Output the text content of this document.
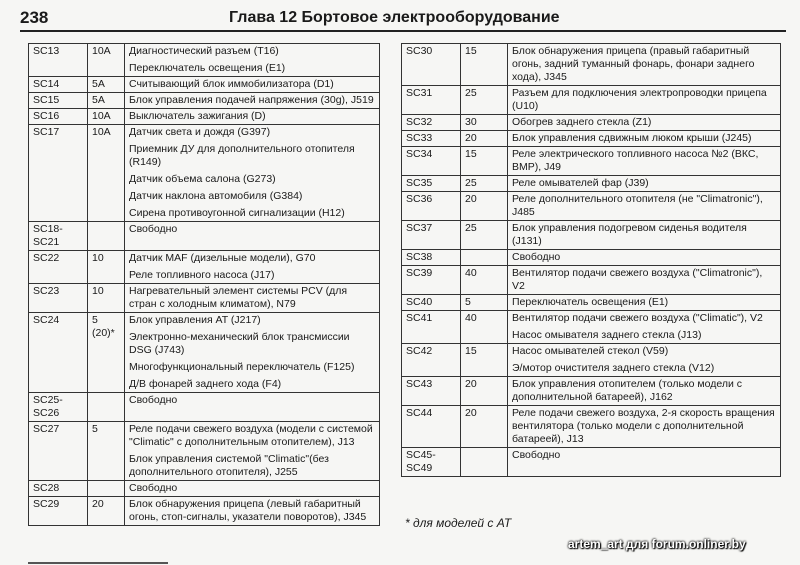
238	Глава 12 Бортовое электрооборудование
SC13	10A	Диагностический разъем (T16)
Переключатель освещения (E1)

SC14	5A	Считывающий блок иммобилизатора (D1)

SC15	5A	Блок управления подачей напряжения (30g), J519

SC16	10A	Выключатель зажигания (D)

SC17	10A	Датчик света и дождя (G397)
Приемник ДУ для дополнительного отопителя (R149)
Датчик объема салона (G273)
Датчик наклона автомобиля (G384)
Сирена противоугонной сигнализации (H12)

SC18-SC21		Свободно

SC22	10	Датчик MAF (дизельные модели), G70
Реле топливного насоса (J17)

SC23	10	Нагревательный элемент системы PCV (для стран с холодным климатом), N79

SC24	5 (20)*	Блок управления AT (J217)
Электронно-механический блок трансмиссии DSG (J743)
Многофункциональный переключатель (F125)
Д/В фонарей заднего хода (F4)

SC25-SC26		Свободно

SC27	5	Реле подачи свежего воздуха (модели с системой "Climatic" с дополнительным отопителем), J13
Блок управления системой "Climatic"(без дополнительного отопителя), J255

SC28		Свободно

SC29	20	Блок обнаружения прицепа (левый габаритный огонь, стоп-сигналы, указатели поворотов), J345
SC30	15	Блок обнаружения прицепа (правый габаритный огонь, задний туманный фонарь, фонари заднего хода), J345

SC31	25	Разъем для подключения электропроводки прицепа (U10)

SC32	30	Обогрев заднего стекла (Z1)

SC33	20	Блок управления сдвижным люком крыши (J245)

SC34	15	Реле электрического топливного насоса №2 (ВКС, ВМР), J49

SC35	25	Реле омывателей фар (J39)

SC36	20	Реле дополнительного отопителя (не "Climatronic"), J485

SC37	25	Блок управления подогревом сиденья водителя (J131)

SC38		Свободно

SC39	40	Вентилятор подачи свежего воздуха ("Climatronic"), V2

SC40	5	Переключатель освещения (E1)

SC41	40	Вентилятор подачи свежего воздуха ("Climatic"), V2
Насос омывателя заднего стекла (J13)

SC42	15	Насос омывателей стекол (V59)
Э/мотор очистителя заднего стекла (V12)

SC43	20	Блок управления отопителем (только модели с дополнительной батареей), J162

SC44	20	Реле подачи свежего воздуха, 2-я скорость вращения вентилятора (только модели с дополнительной батареей), J13

SC45-SC49		Свободно
* для моделей с AT
artem_art для forum.onliner.by
